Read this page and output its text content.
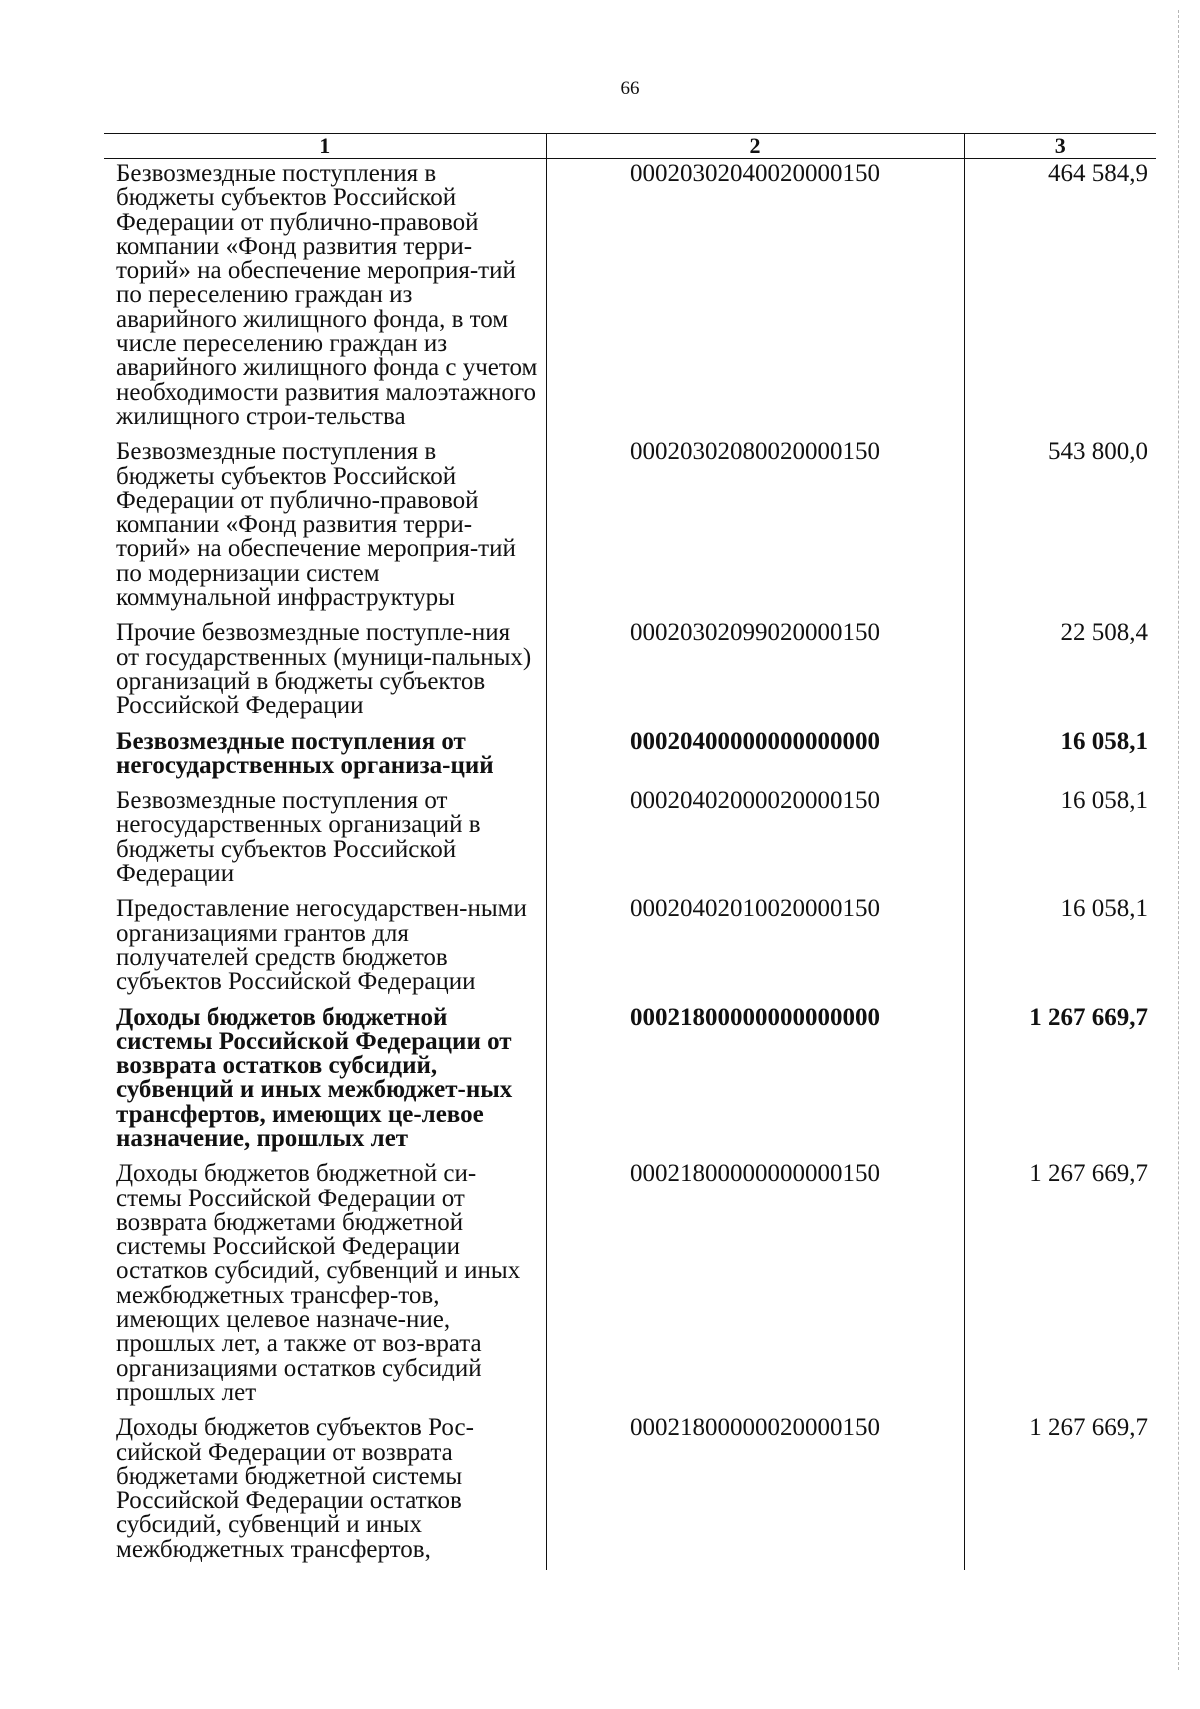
66
1	2	3
Безвозмездные поступления в бюджеты субъектов Российской Федерации от публично-правовой компании «Фонд развития терри-торий» на обеспечение мероприя-тий по переселению граждан из аварийного жилищного фонда, в том числе переселению граждан из аварийного жилищного фонда с учетом необходимости развития малоэтажного жилищного строи-тельства	00020302040020000150	464 584,9
Безвозмездные поступления в бюджеты субъектов Российской Федерации от публично-правовой компании «Фонд развития терри-торий» на обеспечение мероприя-тий по модернизации систем коммунальной инфраструктуры	00020302080020000150	543 800,0
Прочие безвозмездные поступле-ния от государственных (муници-пальных) организаций в бюджеты субъектов Российской Федерации	00020302099020000150	22 508,4
Безвозмездные поступления от негосударственных организа-ций	00020400000000000000	16 058,1
Безвозмездные поступления от негосударственных организаций в бюджеты субъектов Российской Федерации	00020402000020000150	16 058,1
Предоставление негосударствен-ными организациями грантов для получателей средств бюджетов субъектов Российской Федерации	00020402010020000150	16 058,1
Доходы бюджетов бюджетной системы Российской Федерации от возврата остатков субсидий, субвенций и иных межбюджет-ных трансфертов, имеющих це-левое назначение, прошлых лет	00021800000000000000	1 267 669,7
Доходы бюджетов бюджетной си-стемы Российской Федерации от возврата бюджетами бюджетной системы Российской Федерации остатков субсидий, субвенций и иных межбюджетных трансфер-тов, имеющих целевое назначе-ние, прошлых лет, а также от воз-врата организациями остатков субсидий прошлых лет	00021800000000000150	1 267 669,7
Доходы бюджетов субъектов Рос-сийской Федерации от возврата бюджетами бюджетной системы Российской Федерации остатков субсидий, субвенций и иных межбюджетных трансфертов,	00021800000020000150	1 267 669,7
